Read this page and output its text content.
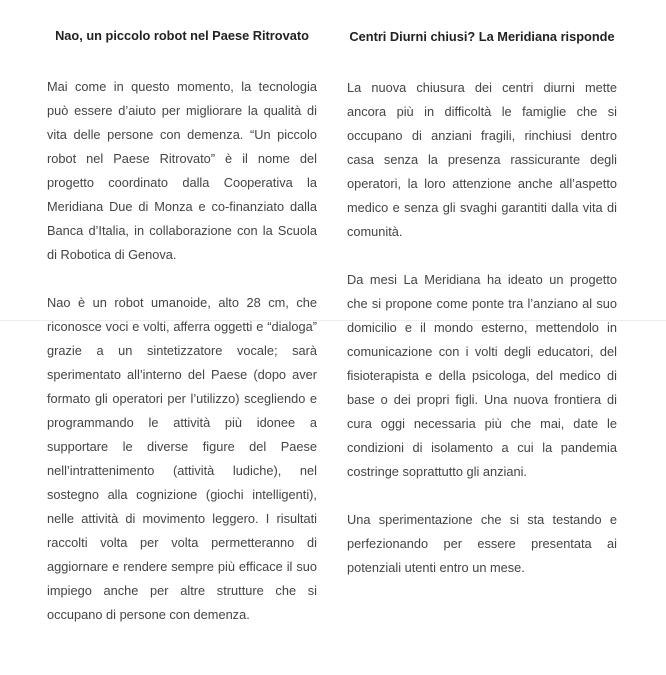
Nao, un piccolo robot nel Paese Ritrovato

Mai come in questo momento, la tecnologia può essere d’aiuto per migliorare la qualità di vita delle persone con demenza. “Un piccolo robot nel Paese Ritrovato” è il nome del progetto coordinato dalla Cooperativa la Meridiana Due di Monza e co-finanziato dalla Banca d’Italia, in collaborazione con la Scuola di Robotica di Genova.

Nao è un robot umanoide, alto 28 cm, che riconosce voci e volti, afferra oggetti e “dialoga” grazie a un sintetizzatore vocale; sarà sperimentato all’interno del Paese (dopo aver formato gli operatori per l’utilizzo) scegliendo e programmando le attività più idonee a supportare le diverse figure del Paese nell’intrattenimento (attività ludiche), nel sostegno alla cognizione (giochi intelligenti), nelle attività di movimento leggero. I risultati raccolti volta per volta permetteranno di aggiornare e rendere sempre più efficace il suo impiego anche per altre strutture che si occupano di persone con demenza.

Centri Diurni chiusi? La Meridiana risponde

La nuova chiusura dei centri diurni mette ancora più in difficoltà le famiglie che si occupano di anziani fragili, rinchiusi dentro casa senza la presenza rassicurante degli operatori, la loro attenzione anche all’aspetto medico e senza gli svaghi garantiti dalla vita di comunità.

Da mesi La Meridiana ha ideato un progetto che si propone come ponte tra l’anziano al suo domicilio e il mondo esterno, mettendolo in comunicazione con i volti degli educatori, del fisioterapista e della psicologa, del medico di base o dei propri figli. Una nuova frontiera di cura oggi necessaria più che mai, date le condizioni di isolamento a cui la pandemia costringe soprattutto gli anziani.

Una sperimentazione che si sta testando e perfezionando per essere presentata ai potenziali utenti entro un mese.
